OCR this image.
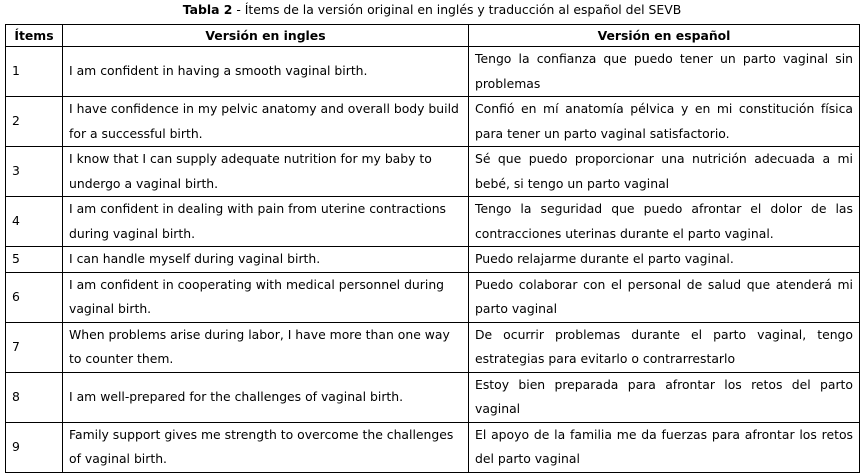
Tabla 2 - Ítems de la versión original en inglés y traducción al español del SEVB
Ítems	Versión en ingles	Versión en español
1	I am confident in having a smooth vaginal birth.	Tengo la confianza que puedo tener un parto vaginal sin problemas
2	I have confidence in my pelvic anatomy and overall body build for a successful birth.	Confió en mí anatomía pélvica y en mi constitución física para tener un parto vaginal satisfactorio.
3	I know that I can supply adequate nutrition for my baby to undergo a vaginal birth.	Sé que puedo proporcionar una nutrición adecuada a mi bebé, si tengo un parto vaginal
4	I am confident in dealing with pain from uterine contractions during vaginal birth.	Tengo la seguridad que puedo afrontar el dolor de las contracciones uterinas durante el parto vaginal.
5	I can handle myself during vaginal birth.	Puedo relajarme durante el parto vaginal.
6	I am confident in cooperating with medical personnel during vaginal birth.	Puedo colaborar con el personal de salud que atenderá mi parto vaginal
7	When problems arise during labor, I have more than one way to counter them.	De ocurrir problemas durante el parto vaginal, tengo estrategias para evitarlo o contrarrestarlo
8	I am well-prepared for the challenges of vaginal birth.	Estoy bien preparada para afrontar los retos del parto vaginal
9	Family support gives me strength to overcome the challenges of vaginal birth.	El apoyo de la familia me da fuerzas para afrontar los retos del parto vaginal
